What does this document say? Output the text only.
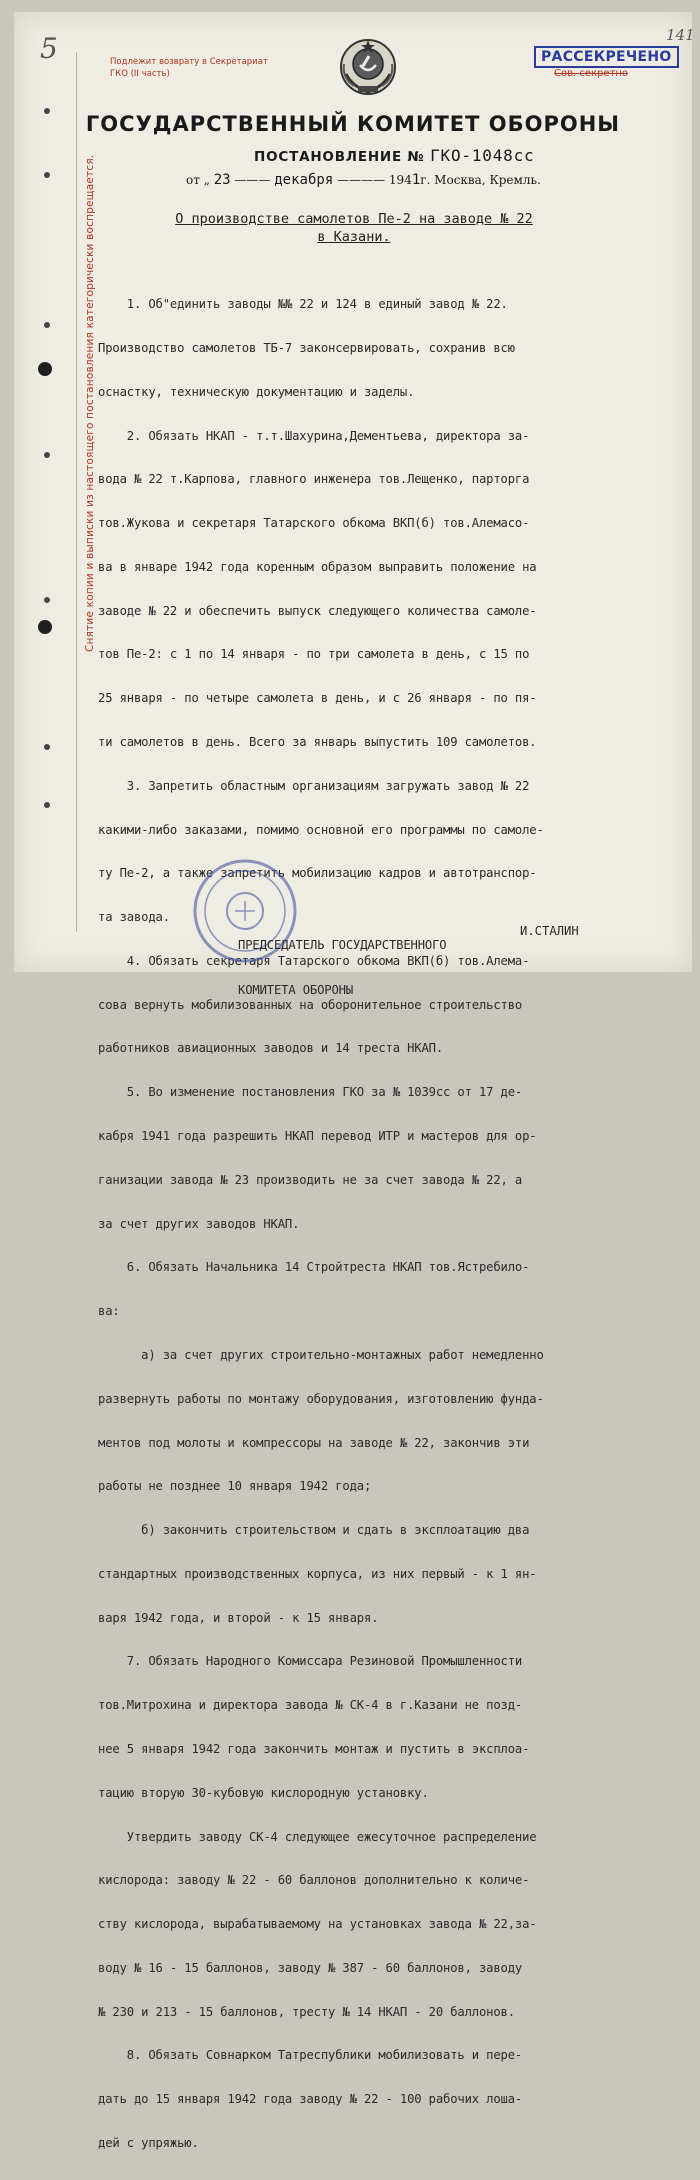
5	141
Снятие копии и выписки из настоящего постановления категорически воспрещается.
Подлежит возврату в Секретариат
ГКО (II часть)
РАССЕКРЕЧЕНО
Сов. секретно
ГОСУДАРСТВЕННЫЙ КОМИТЕТ ОБОРОНЫ
ПОСТАНОВЛЕНИЕ № ГКО-1048сс
от „ 23 ——— декабря ———— 1941г. Москва, Кремль.
О производстве самолетов Пе-2 на заводе № 22
в Казани.

1. Об"единить заводы №№ 22 и 124 в единый завод № 22.

Производство самолетов ТБ-7 законсервировать, сохранив всю

оснастку, техническую документацию и заделы.

2. Обязать НКАП - т.т.Шахурина,Дементьева, директора за-

вода № 22 т.Карпова, главного инженера тов.Лещенко, парторга

тов.Жукова и секретаря Татарского обкома ВКП(б) тов.Алемасо-

ва в январе 1942 года коренным образом выправить положение на

заводе № 22 и обеспечить выпуск следующего количества самоле-

тов Пе-2: с 1 по 14 января - по три самолета в день, с 15 по

25 января - по четыре самолета в день, и с 26 января - по пя-

ти самолетов в день. Всего за январь выпустить 109 самолетов.

3. Запретить областным организациям загружать завод № 22

какими-либо заказами, помимо основной его программы по самоле-

ту Пе-2, а также запретить мобилизацию кадров и автотранспор-

та завода.

4. Обязать секретаря Татарского обкома ВКП(б) тов.Алема-

сова вернуть мобилизованных на оборонительное строительство

работников авиационных заводов и 14 треста НКАП.

5. Во изменение постановления ГКО за № 1039сс от 17 де-

кабря 1941 года разрешить НКАП перевод ИТР и мастеров для ор-

ганизации завода № 23 производить не за счет завода № 22, а

за счет других заводов НКАП.

6. Обязать Начальника 14 Стройтреста НКАП тов.Ястребило-

ва:

а) за счет других строительно-монтажных работ немедленно

развернуть работы по монтажу оборудования, изготовлению фунда-

ментов под молоты и компрессоры на заводе № 22, закончив эти

работы не позднее 10 января 1942 года;

б) закончить строительством и сдать в эксплоатацию два

стандартных производственных корпуса, из них первый - к 1 ян-

варя 1942 года, и второй - к 15 января.

7. Обязать Народного Комиссара Резиновой Промышленности

тов.Митрохина и директора завода № СК-4 в г.Казани не позд-

нее 5 января 1942 года закончить монтаж и пустить в эксплоа-

тацию вторую 30-кубовую кислородную установку.

Утвердить заводу СК-4 следующее ежесуточное распределение

кислорода: заводу № 22 - 60 баллонов дополнительно к количе-

ству кислорода, вырабатываемому на установках завода № 22,за-

воду № 16 - 15 баллонов, заводу № 387 - 60 баллонов, заводу

№ 230 и 213 - 15 баллонов, тресту № 14 НКАП - 20 баллонов.

8. Обязать Совнарком Татреспублики мобилизовать и пере-

дать до 15 января 1942 года заводу № 22 - 100 рабочих лоша-

дей с упряжью.

ПРЕДСЕДАТЕЛЬ ГОСУДАРСТВЕННОГО

КОМИТЕТА ОБОРОНЫ

И.СТАЛИН
